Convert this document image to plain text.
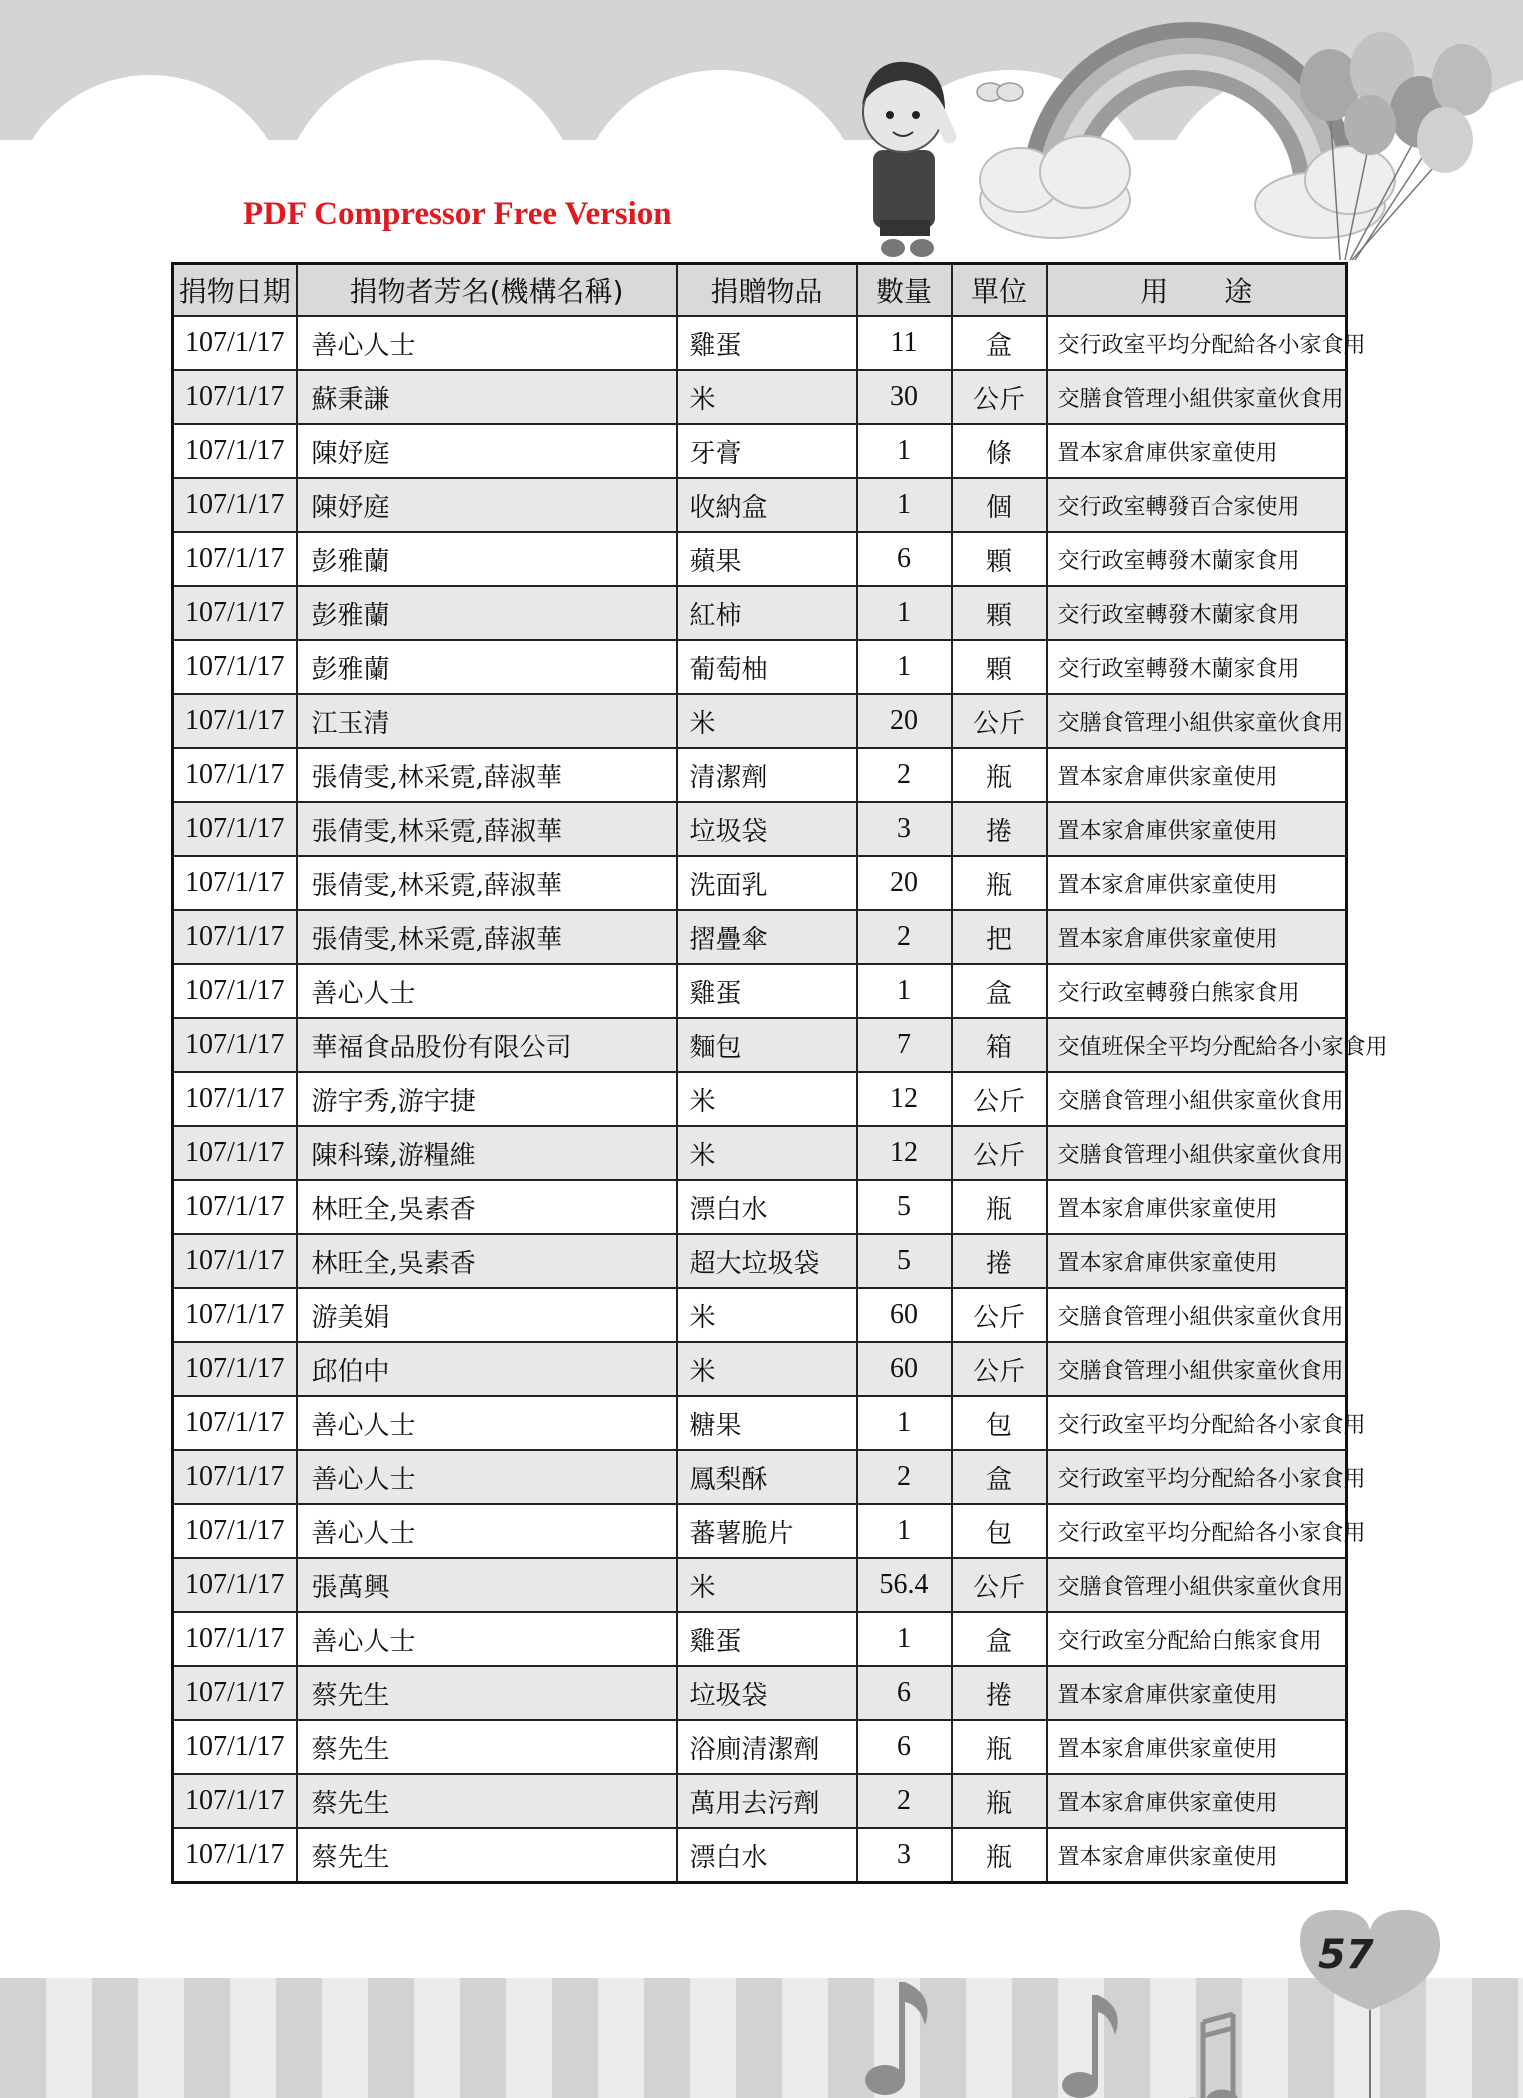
PDF Compressor Free Version
捐物日期	捐物者芳名(機構名稱)	捐贈物品	數量	單位	用　　途
107/1/17	善心人士	雞蛋	11	盒	交行政室平均分配給各小家食用
107/1/17	蘇秉謙	米	30	公斤	交膳食管理小組供家童伙食用
107/1/17	陳妤庭	牙膏	1	條	置本家倉庫供家童使用
107/1/17	陳妤庭	收納盒	1	個	交行政室轉發百合家使用
107/1/17	彭雅蘭	蘋果	6	顆	交行政室轉發木蘭家食用
107/1/17	彭雅蘭	紅柿	1	顆	交行政室轉發木蘭家食用
107/1/17	彭雅蘭	葡萄柚	1	顆	交行政室轉發木蘭家食用
107/1/17	江玉清	米	20	公斤	交膳食管理小組供家童伙食用
107/1/17	張倩雯,林采霓,薛淑華	清潔劑	2	瓶	置本家倉庫供家童使用
107/1/17	張倩雯,林采霓,薛淑華	垃圾袋	3	捲	置本家倉庫供家童使用
107/1/17	張倩雯,林采霓,薛淑華	洗面乳	20	瓶	置本家倉庫供家童使用
107/1/17	張倩雯,林采霓,薛淑華	摺疊傘	2	把	置本家倉庫供家童使用
107/1/17	善心人士	雞蛋	1	盒	交行政室轉發白熊家食用
107/1/17	華福食品股份有限公司	麵包	7	箱	交值班保全平均分配給各小家食用
107/1/17	游宇秀,游宇捷	米	12	公斤	交膳食管理小組供家童伙食用
107/1/17	陳科臻,游糧維	米	12	公斤	交膳食管理小組供家童伙食用
107/1/17	林旺全,吳素香	漂白水	5	瓶	置本家倉庫供家童使用
107/1/17	林旺全,吳素香	超大垃圾袋	5	捲	置本家倉庫供家童使用
107/1/17	游美娟	米	60	公斤	交膳食管理小組供家童伙食用
107/1/17	邱伯中	米	60	公斤	交膳食管理小組供家童伙食用
107/1/17	善心人士	糖果	1	包	交行政室平均分配給各小家食用
107/1/17	善心人士	鳳梨酥	2	盒	交行政室平均分配給各小家食用
107/1/17	善心人士	蕃薯脆片	1	包	交行政室平均分配給各小家食用
107/1/17	張萬興	米	56.4	公斤	交膳食管理小組供家童伙食用
107/1/17	善心人士	雞蛋	1	盒	交行政室分配給白熊家食用
107/1/17	蔡先生	垃圾袋	6	捲	置本家倉庫供家童使用
107/1/17	蔡先生	浴廁清潔劑	6	瓶	置本家倉庫供家童使用
107/1/17	蔡先生	萬用去污劑	2	瓶	置本家倉庫供家童使用
107/1/17	蔡先生	漂白水	3	瓶	置本家倉庫供家童使用
57
